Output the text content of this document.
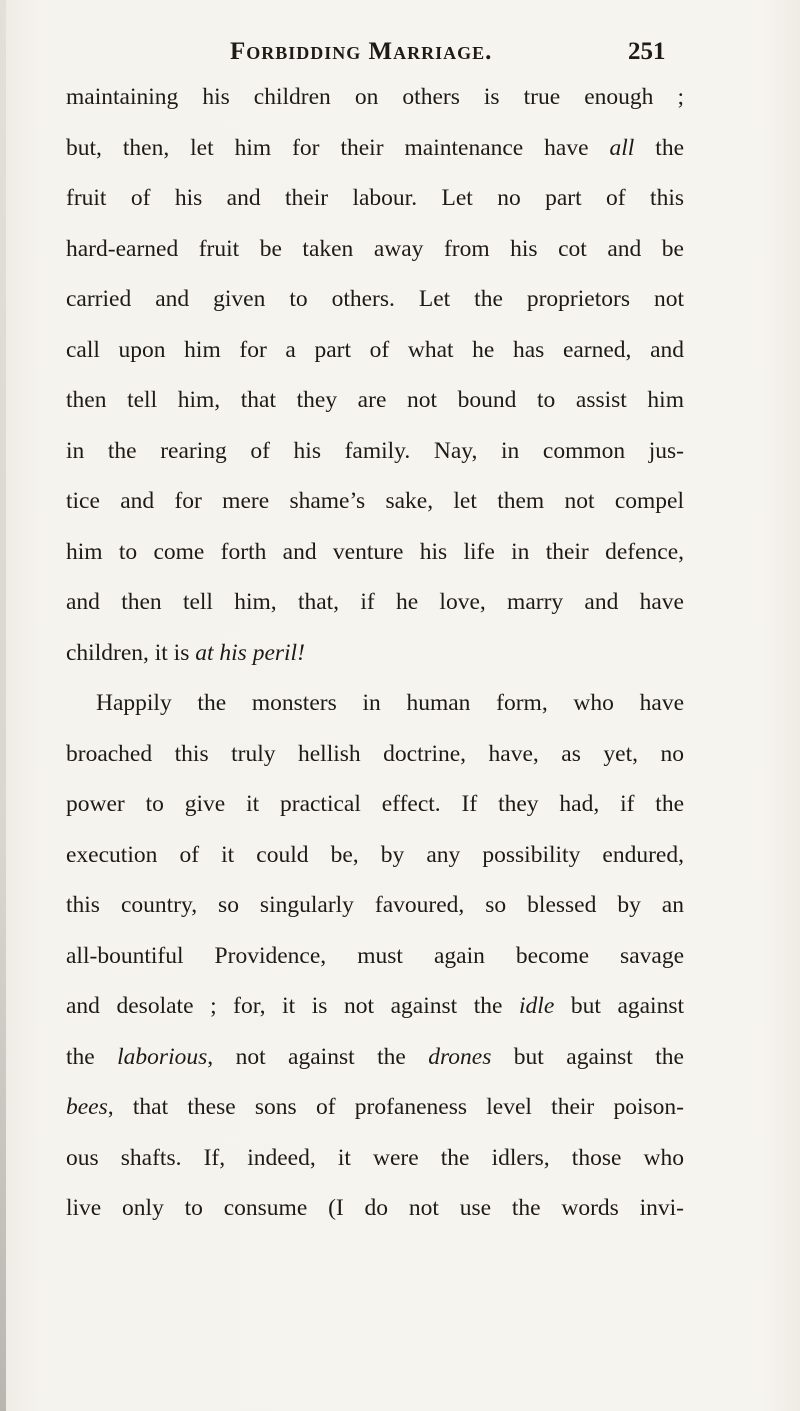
Forbidding Marriage.	251
maintaining his children on others is true enough ;
but, then, let him for their maintenance have all the
fruit of his and their labour. Let no part of this
hard-earned fruit be taken away from his cot and be
carried and given to others. Let the proprietors not
call upon him for a part of what he has earned, and
then tell him, that they are not bound to assist him
in the rearing of his family. Nay, in common jus-
tice and for mere shame’s sake, let them not compel
him to come forth and venture his life in their defence,
and then tell him, that, if he love, marry and have
children, it is at his peril!
Happily the monsters in human form, who have
broached this truly hellish doctrine, have, as yet, no
power to give it practical effect. If they had, if the
execution of it could be, by any possibility endured,
this country, so singularly favoured, so blessed by an
all-bountiful Providence, must again become savage
and desolate ; for, it is not against the idle but against
the laborious, not against the drones but against the
bees, that these sons of profaneness level their poison-
ous shafts. If, indeed, it were the idlers, those who
live only to consume (I do not use the words invi-
